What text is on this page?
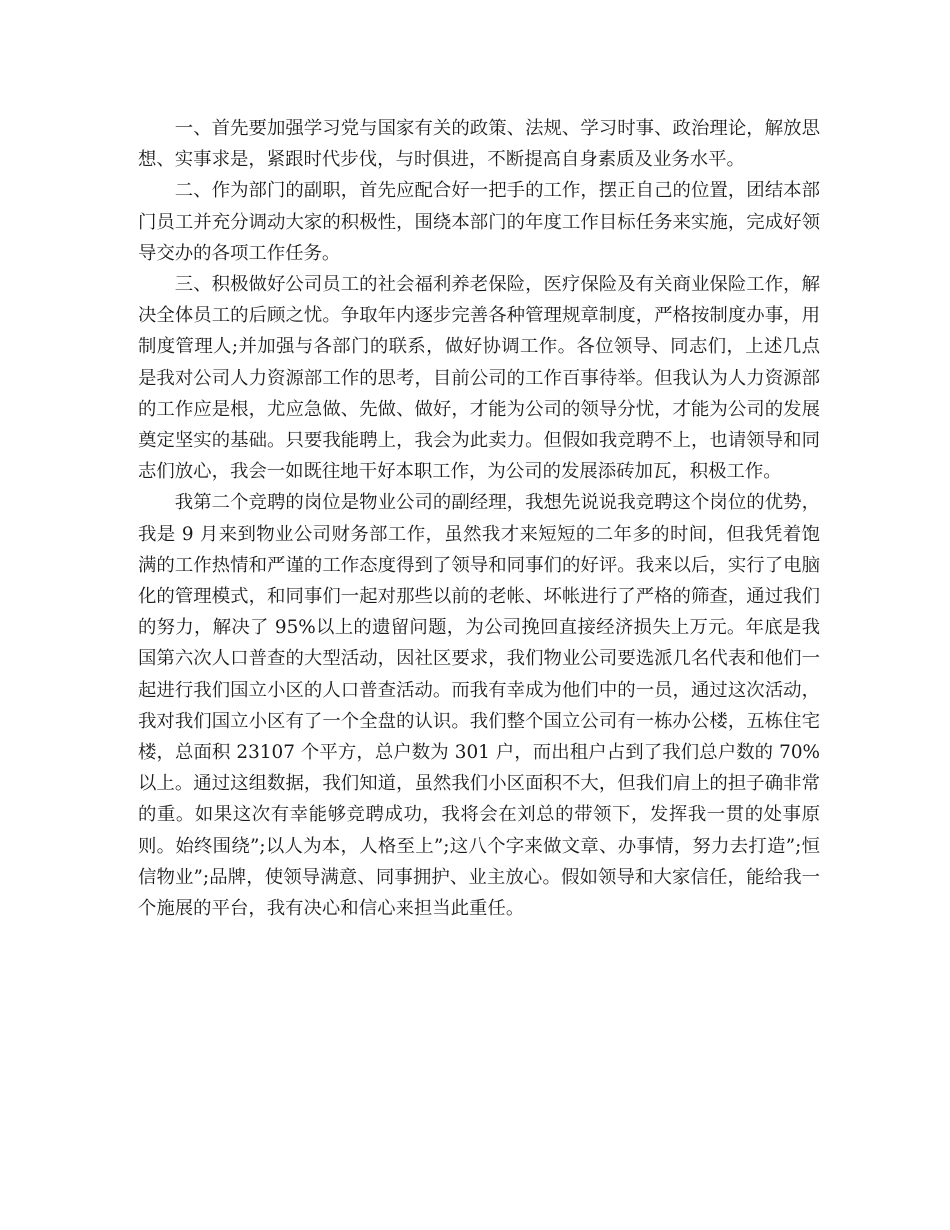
一、首先要加强学习党与国家有关的政策、法规、学习时事、政治理论，解放思想、实事求是，紧跟时代步伐，与时俱进，不断提高自身素质及业务水平。

二、作为部门的副职，首先应配合好一把手的工作，摆正自己的位置，团结本部门员工并充分调动大家的积极性，围绕本部门的年度工作目标任务来实施，完成好领导交办的各项工作任务。

三、积极做好公司员工的社会福利养老保险，医疗保险及有关商业保险工作，解决全体员工的后顾之忧。争取年内逐步完善各种管理规章制度，严格按制度办事，用制度管理人;并加强与各部门的联系，做好协调工作。各位领导、同志们，上述几点是我对公司人力资源部工作的思考，目前公司的工作百事待举。但我认为人力资源部的工作应是根，尤应急做、先做、做好，才能为公司的领导分忧，才能为公司的发展奠定坚实的基础。只要我能聘上，我会为此卖力。但假如我竞聘不上，也请领导和同志们放心，我会一如既往地干好本职工作，为公司的发展添砖加瓦，积极工作。

我第二个竞聘的岗位是物业公司的副经理，我想先说说我竞聘这个岗位的优势，我是 9 月来到物业公司财务部工作，虽然我才来短短的二年多的时间，但我凭着饱满的工作热情和严谨的工作态度得到了领导和同事们的好评。我来以后，实行了电脑化的管理模式，和同事们一起对那些以前的老帐、坏帐进行了严格的筛查，通过我们的努力，解决了 95%以上的遗留问题，为公司挽回直接经济损失上万元。年底是我国第六次人口普查的大型活动，因社区要求，我们物业公司要选派几名代表和他们一起进行我们国立小区的人口普查活动。而我有幸成为他们中的一员，通过这次活动，我对我们国立小区有了一个全盘的认识。我们整个国立公司有一栋办公楼，五栋住宅楼，总面积 23107 个平方，总户数为 301 户，而出租户占到了我们总户数的 70%以上。通过这组数据，我们知道，虽然我们小区面积不大，但我们肩上的担子确非常的重。如果这次有幸能够竞聘成功，我将会在刘总的带领下，发挥我一贯的处事原则。始终围绕”;以人为本，人格至上”;这八个字来做文章、办事情，努力去打造”;恒信物业”;品牌，使领导满意、同事拥护、业主放心。假如领导和大家信任，能给我一个施展的平台，我有决心和信心来担当此重任。
